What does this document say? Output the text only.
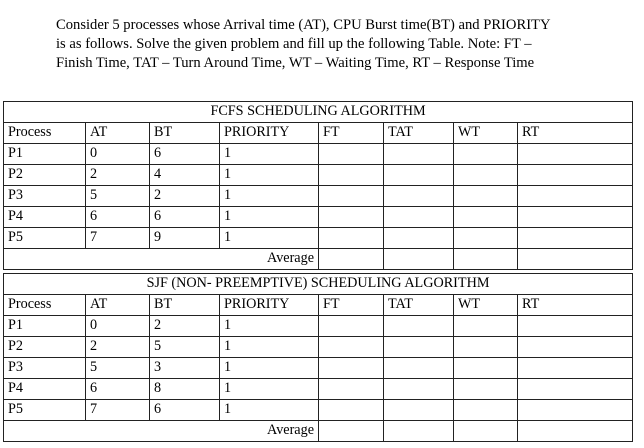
Consider 5 processes whose Arrival time (AT), CPU Burst time(BT) and PRIORITY

is as follows. Solve the given problem and fill up the following Table. Note: FT –

Finish Time, TAT – Turn Around Time, WT – Waiting Time, RT – Response Time

FCFS SCHEDULING ALGORITHM							
Process	AT	BT	PRIORITY	FT	TAT	WT	RT
P1	0	6	1				
P2	2	4	1				
P3	5	2	1				
P4	6	6	1				
P5	7	9	1				
Average							
SJF (NON- PREEMPTIVE) SCHEDULING ALGORITHM							
Process	AT	BT	PRIORITY	FT	TAT	WT	RT
P1	0	2	1				
P2	2	5	1				
P3	5	3	1				
P4	6	8	1				
P5	7	6	1				
Average							
